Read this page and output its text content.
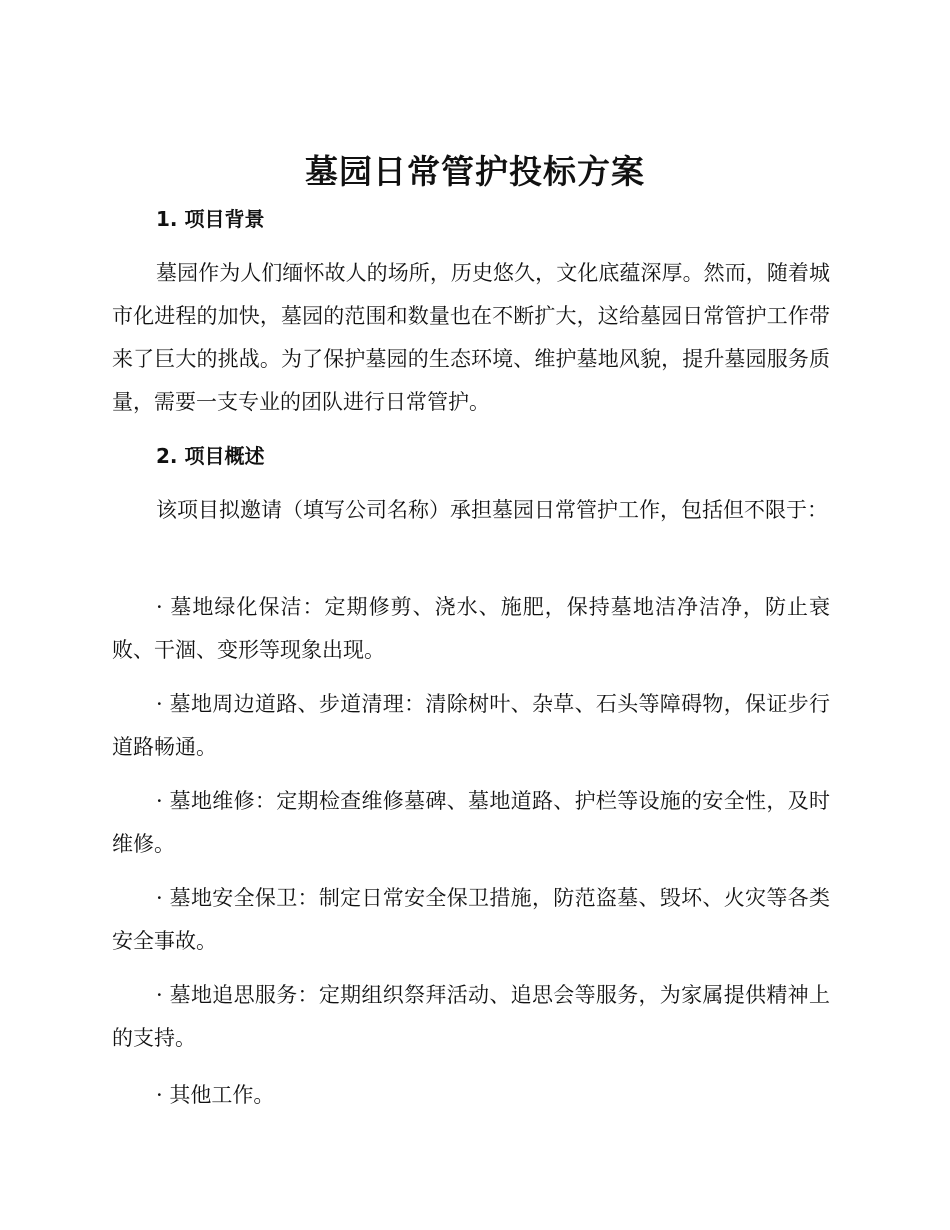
墓园日常管护投标方案
1. 项目背景

墓园作为人们缅怀故人的场所，历史悠久，文化底蕴深厚。然而，随着城市化进程的加快，墓园的范围和数量也在不断扩大，这给墓园日常管护工作带来了巨大的挑战。为了保护墓园的生态环境、维护墓地风貌，提升墓园服务质量，需要一支专业的团队进行日常管护。

2. 项目概述

该项目拟邀请（填写公司名称）承担墓园日常管护工作，包括但不限于：

· 墓地绿化保洁：定期修剪、浇水、施肥，保持墓地洁净洁净，防止衰败、干涸、变形等现象出现。

· 墓地周边道路、步道清理：清除树叶、杂草、石头等障碍物，保证步行道路畅通。

· 墓地维修：定期检查维修墓碑、墓地道路、护栏等设施的安全性，及时维修。

· 墓地安全保卫：制定日常安全保卫措施，防范盗墓、毁坏、火灾等各类安全事故。

· 墓地追思服务：定期组织祭拜活动、追思会等服务，为家属提供精神上的支持。

· 其他工作。
